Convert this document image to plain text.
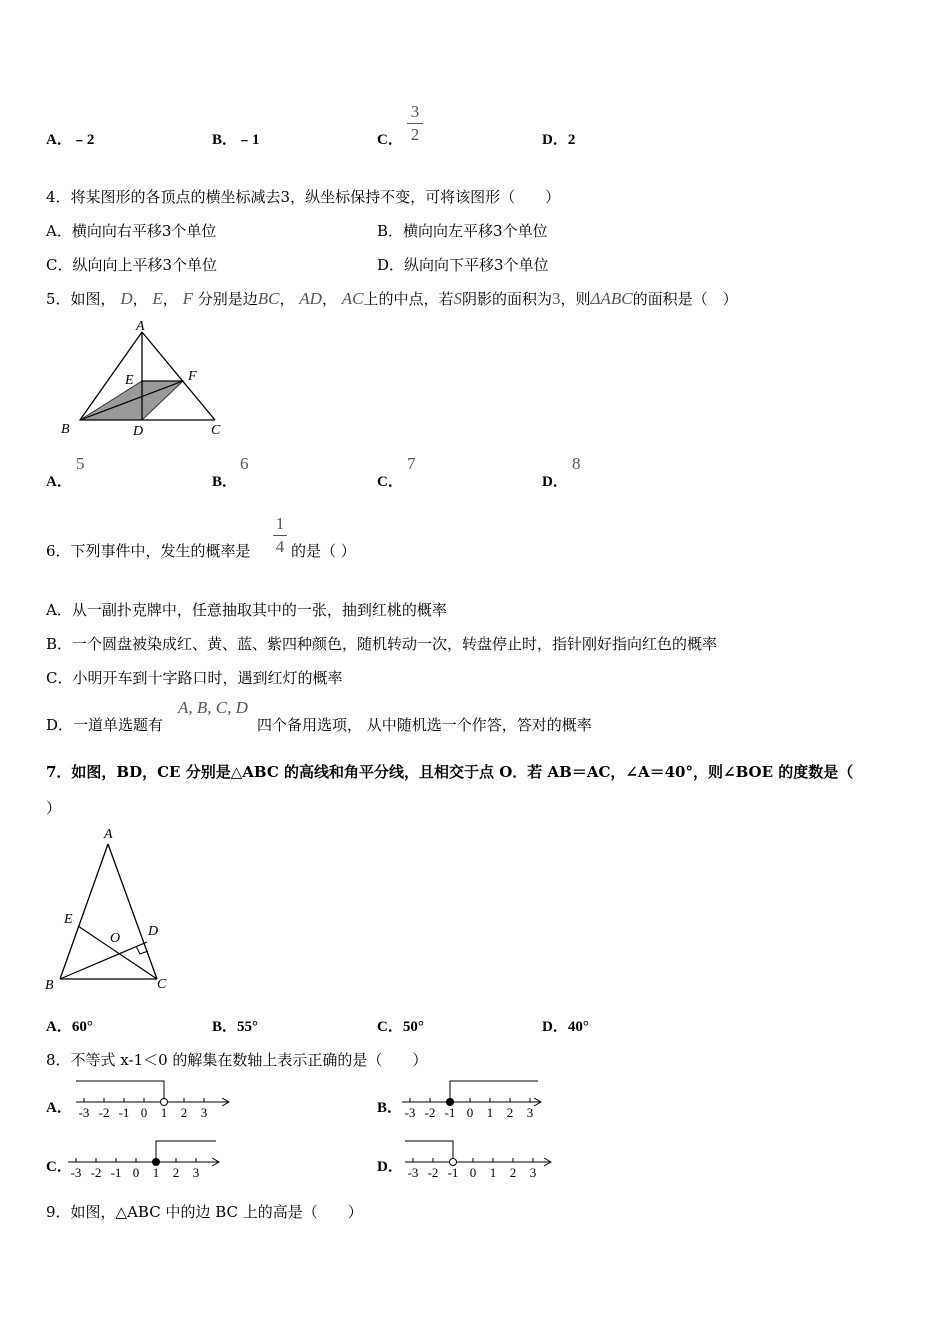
A．﹣2	B．﹣1	C．
3
2	D．2
4．将某图形的各顶点的横坐标减去3，纵坐标保持不变，可将该图形（　　）
A．横向向右平移3个单位	B．横向向左平移3个单位
C．纵向向上平移3个单位	D．纵向向下平移3个单位
5．如图， D， E， F 分别是边BC， AD， AC上的中点，若S阴影的面积为3，则ΔABC的面积是（　）
A
B	C
D
E	F
A．
5
B．
6
C．
7
D．
8
6．下列事件中，发生的概率是
1
4 的是（ ）
A．从一副扑克牌中，任意抽取其中的一张，抽到红桃的概率
B．一个圆盘被染成红、黄、蓝、紫四种颜色，随机转动一次，转盘停止时，指针刚好指向红色的概率
C．小明开车到十字路口时，遇到红灯的概率
D．一道单选题有
A, B, C, D
四个备用选项， 从中随机选一个作答，答对的概率
7．如图，BD，CE 分别是△ABC 的高线和角平分线，且相交于点 O．若 AB＝AC，∠A＝40°，则∠BOE 的度数是（
）
A
B	C
D
E
O
A．60°	B．55°	C．50°	D．40°
8．不等式 x-1＜0 的解集在数轴上表示正确的是（　　）
A． -3 -2 -1 0 1 2 3	B． -3 -2 -1 0 1 2 3
C．
-3 -2 -1 0 1 2 3	D． -3 -2 -1 0 1 2 3
9．如图，△ABC 中的边 BC 上的高是（　　）
